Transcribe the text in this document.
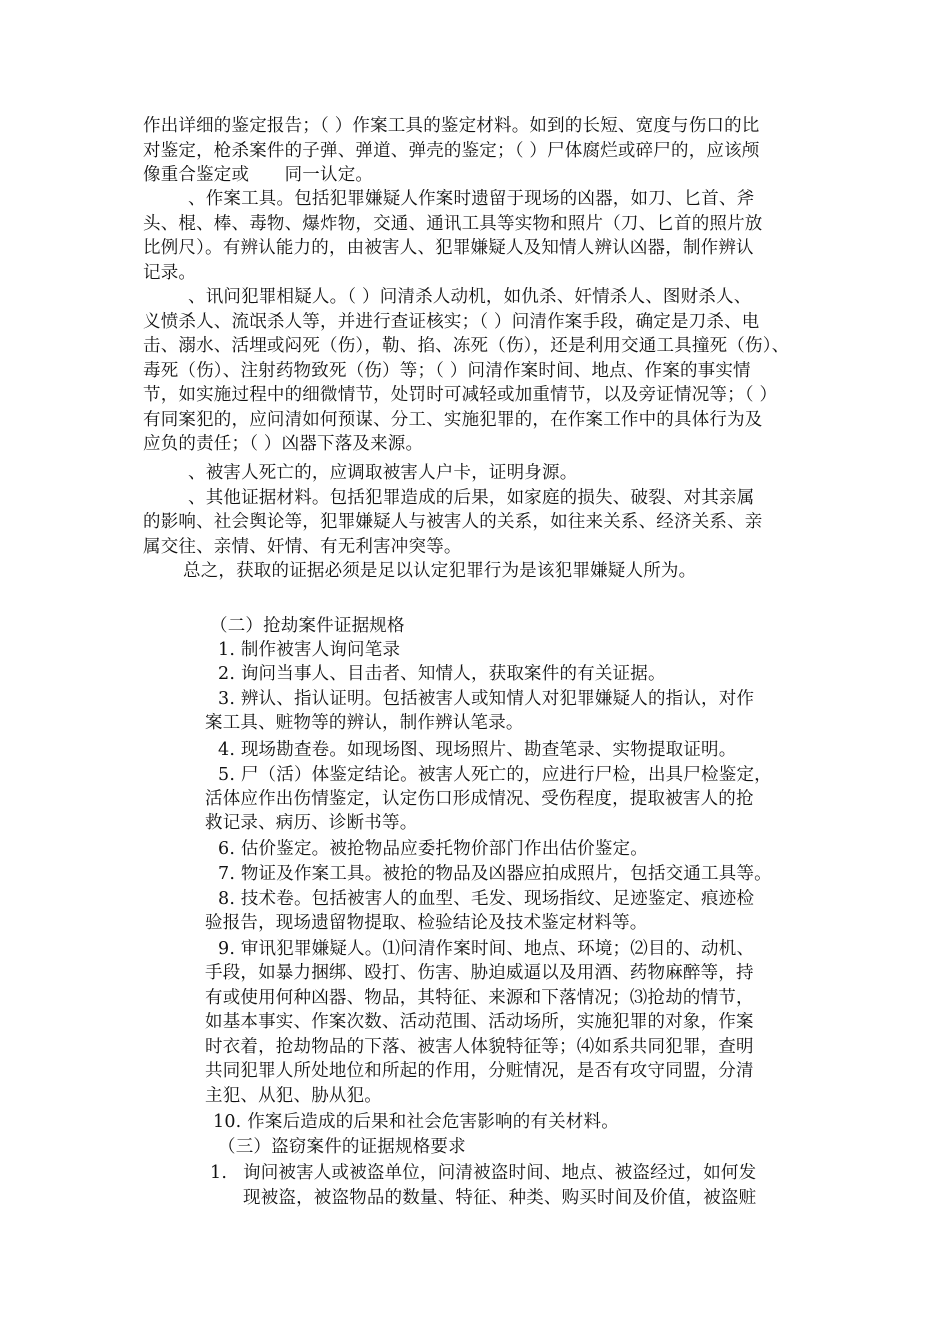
作出详细的鉴定报告；（ ）作案工具的鉴定材料。如到的长短、宽度与伤口的比
对鉴定，枪杀案件的子弹、弹道、弹壳的鉴定；（ ）尸体腐烂或碎尸的，应该颅
像重合鉴定或　　同一认定。
、作案工具。包括犯罪嫌疑人作案时遗留于现场的凶器，如刀、匕首、斧
头、棍、棒、毒物、爆炸物，交通、通讯工具等实物和照片（刀、匕首的照片放
比例尺）。有辨认能力的，由被害人、犯罪嫌疑人及知情人辨认凶器，制作辨认
记录。
、讯问犯罪相疑人。（ ）问清杀人动机，如仇杀、奸情杀人、图财杀人、
义愤杀人、流氓杀人等，并进行查证核实；（ ）问清作案手段，确定是刀杀、电
击、溺水、活埋或闷死（伤），勒、掐、冻死（伤），还是利用交通工具撞死（伤）、
毒死（伤）、注射药物致死（伤）等；（ ）问清作案时间、地点、作案的事实情
节，如实施过程中的细微情节，处罚时可减轻或加重情节，以及旁证情况等；（ ）
有同案犯的，应问清如何预谋、分工、实施犯罪的，在作案工作中的具体行为及
应负的责任；（ ）凶器下落及来源。
、被害人死亡的，应调取被害人户卡，证明身源。
、其他证据材料。包括犯罪造成的后果，如家庭的损失、破裂、对其亲属
的影响、社会舆论等，犯罪嫌疑人与被害人的关系，如往来关系、经济关系、亲
属交往、亲情、奸情、有无利害冲突等。
总之，获取的证据必须是足以认定犯罪行为是该犯罪嫌疑人所为。
（二）抢劫案件证据规格
1. 制作被害人询问笔录
2. 询问当事人、目击者、知情人，获取案件的有关证据。
3. 辨认、指认证明。包括被害人或知情人对犯罪嫌疑人的指认，对作
案工具、赃物等的辨认，制作辨认笔录。
4. 现场勘查卷。如现场图、现场照片、勘查笔录、实物提取证明。
5. 尸（活）体鉴定结论。被害人死亡的，应进行尸检，出具尸检鉴定，
活体应作出伤情鉴定，认定伤口形成情况、受伤程度，提取被害人的抢
救记录、病历、诊断书等。
6. 估价鉴定。被抢物品应委托物价部门作出估价鉴定。
7. 物证及作案工具。被抢的物品及凶器应拍成照片，包括交通工具等。
8. 技术卷。包括被害人的血型、毛发、现场指纹、足迹鉴定、痕迹检
验报告，现场遗留物提取、检验结论及技术鉴定材料等。
9. 审讯犯罪嫌疑人。⑴问清作案时间、地点、环境；⑵目的、动机、
手段，如暴力捆绑、殴打、伤害、胁迫威逼以及用酒、药物麻醉等，持
有或使用何种凶器、物品，其特征、来源和下落情况；⑶抢劫的情节，
如基本事实、作案次数、活动范围、活动场所，实施犯罪的对象，作案
时衣着，抢劫物品的下落、被害人体貌特征等；⑷如系共同犯罪，查明
共同犯罪人所处地位和所起的作用，分赃情况，是否有攻守同盟，分清
主犯、从犯、胁从犯。
10. 作案后造成的后果和社会危害影响的有关材料。
（三）盗窃案件的证据规格要求
1. 询问被害人或被盗单位，问清被盗时间、地点、被盗经过，如何发
现被盗，被盗物品的数量、特征、种类、购买时间及价值，被盗赃
